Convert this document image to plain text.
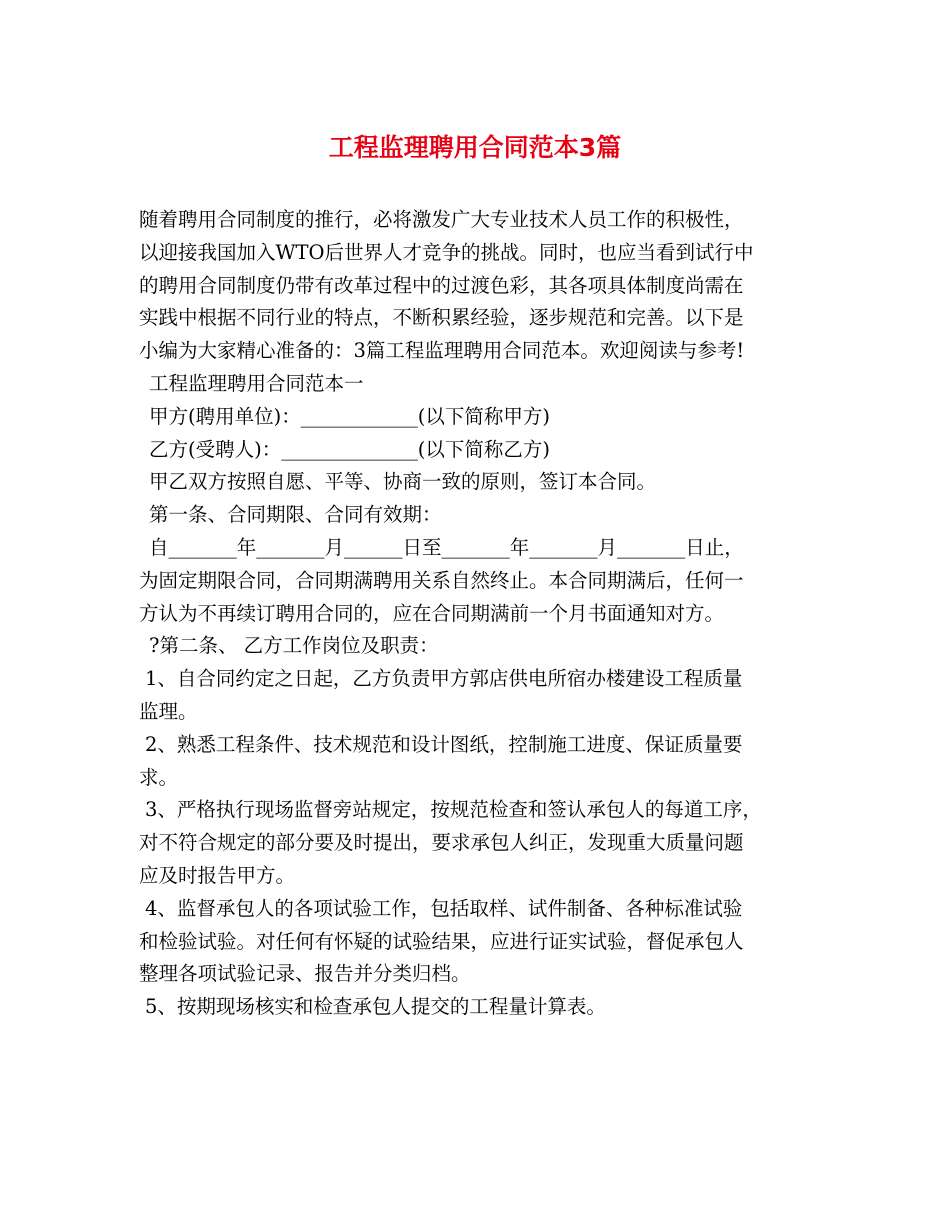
工程监理聘用合同范本3篇

随着聘用合同制度的推行，必将激发广大专业技术人员工作的积极性，

以迎接我国加入WTO后世界人才竞争的挑战。同时，也应当看到试行中

的聘用合同制度仍带有改革过程中的过渡色彩，其各项具体制度尚需在

实践中根据不同行业的特点，不断积累经验，逐步规范和完善。以下是

小编为大家精心准备的：3篇工程监理聘用合同范本。欢迎阅读与参考!

工程监理聘用合同范本一

甲方(聘用单位)：____________(以下简称甲方)

乙方(受聘人)：______________(以下简称乙方)

甲乙双方按照自愿、平等、协商一致的原则，签订本合同。

第一条、合同期限、合同有效期：

自_______年_______月______日至_______年_______月_______日止，

为固定期限合同，合同期满聘用关系自然终止。本合同期满后，任何一

方认为不再续订聘用合同的，应在合同期满前一个月书面通知对方。

?第二条、 乙方工作岗位及职责：

1、自合同约定之日起，乙方负责甲方郭店供电所宿办楼建设工程质量

监理。

2、熟悉工程条件、技术规范和设计图纸，控制施工进度、保证质量要

求。

3、严格执行现场监督旁站规定，按规范检查和签认承包人的每道工序，

对不符合规定的部分要及时提出，要求承包人纠正，发现重大质量问题

应及时报告甲方。

4、监督承包人的各项试验工作，包括取样、试件制备、各种标准试验

和检验试验。对任何有怀疑的试验结果，应进行证实试验，督促承包人

整理各项试验记录、报告并分类归档。

5、按期现场核实和检查承包人提交的工程量计算表。
